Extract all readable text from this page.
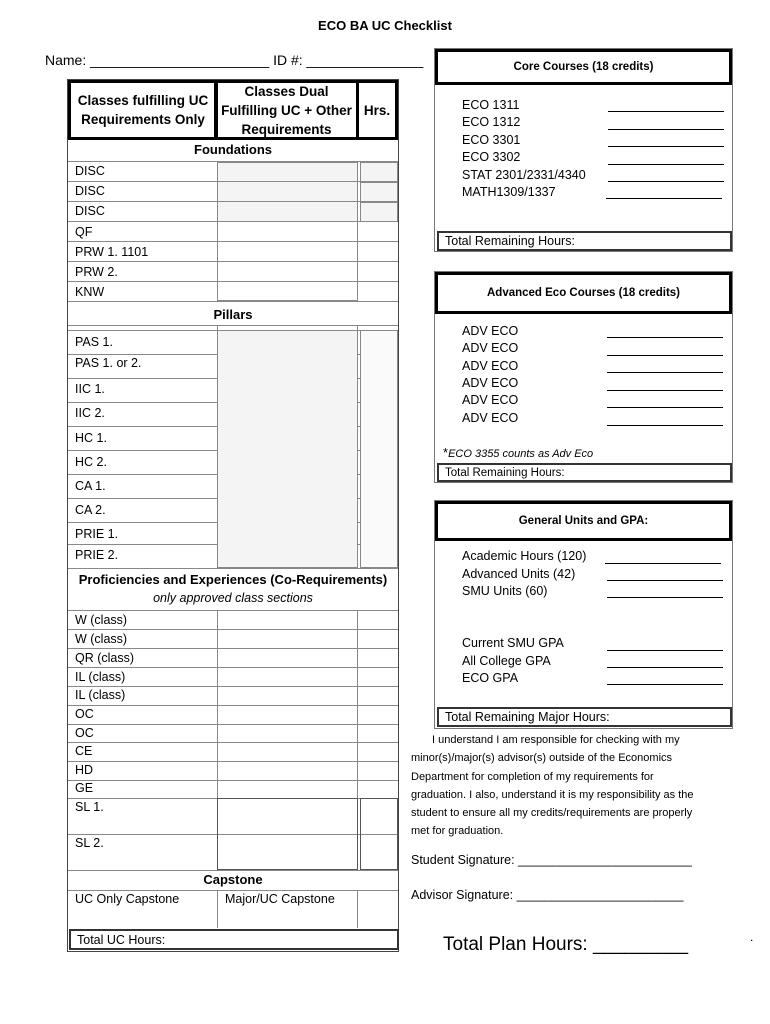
ECO BA UC Checklist
Name: _______________________ ID #: _______________
Classes fulfilling UC Requirements Only
Classes Dual Fulfilling UC + Other Requirements
Hrs.
Foundations
DISC
DISC
DISC
QF
PRW 1. 1101
PRW 2.
KNW
Pillars
PAS 1.
PAS 1. or 2.
IIC 1.
IIC 2.
HC 1.
HC 2.
CA 1.
CA 2.
PRIE 1.
PRIE 2.
Proficiencies and Experiences (Co-Requirements)
only approved class sections
W (class)
W (class)
QR (class)
IL (class)
IL (class)
OC
OC
CE
HD
GE
SL 1.
SL 2.
Capstone
UC Only Capstone	Major/UC Capstone
Total UC Hours:
Core Courses (18 credits)
ECO 1311
ECO 1312
ECO 3301
ECO 3302
STAT 2301/2331/4340
MATH1309/1337
Total Remaining Hours:
Advanced Eco Courses (18 credits)
ADV ECO
ADV ECO
ADV ECO
ADV ECO
ADV ECO
ADV ECO
*ECO 3355 counts as Adv Eco
Total Remaining Hours:
General Units and GPA:
Academic Hours (120)
Advanced Units (42)
SMU Units (60)
Current SMU GPA
All College GPA
ECO GPA
Total Remaining Major Hours:
I understand I am responsible for checking with my
minor(s)/major(s) advisor(s) outside of the Economics
Department for completion of my requirements for
graduation. I also, understand it is my responsibility as the
student to ensure all my credits/requirements are properly
met for graduation.
Student Signature: _________________________
Advisor Signature: ________________________
Total Plan Hours: _________	.
